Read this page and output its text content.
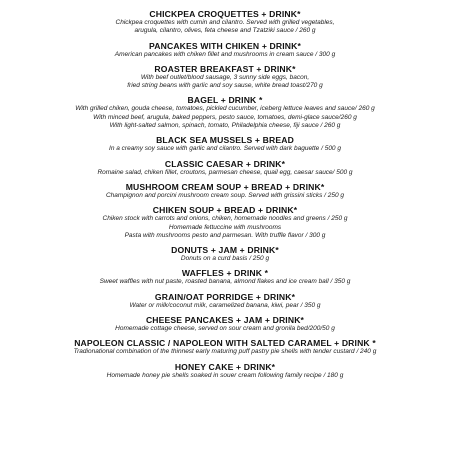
CHICKPEA CROQUETTES + DRINK*
Chickpea croquettes with cumin and cilantro. Served with grilled vegetables,
arugula, cilantro, olives, feta cheese and Tzatziki sauce / 260 g
PANCAKES WITH CHIKEN + DRINK*
American pancakes with chiken fillet and mushrooms in cream sauce / 300 g
ROASTER BREAKFAST + DRINK*
With beef outlet/blood sausage, 3 sunny side eggs, bacon,
fried string beans with garlic and soy sause, white bread toast/270 g
BAGEL + DRINK *
With grilled chiken, gouda cheese, tomatoes, pickled cucumber, iceberg lettuce leaves and sauce/ 260 g
With minced beef, arugula, baked peppers, pesto sauce, tomatoes, demi-glace sauce/260 g
With light-salted salmon, spinach, tomato, Philadelphia cheese, fiji sauce / 260 g
BLACK SEA MUSSELS + BREAD
In a creamy soy sauce with garlic and cilantro. Served with dark baguette / 500 g
CLASSIC CAESAR + DRINK*
Romaine salad, chiken fillet, croutons, parmesan cheese, quail egg, caesar sauce/ 500 g
MUSHROOM CREAM SOUP + BREAD + DRINK*
Champignon and porcini mushroom cream soup. Served with grissini sticks / 250 g
CHIKEN SOUP + BREAD + DRINK*
Chiken stock with carrots and onions, chiken, homemade noodles and greens / 250 g
Homemade fettuccine with mushrooms
Pasta with mushrooms pesto and parmesan. With truffle flavor / 300 g
DONUTS + JAM + DRINK*
Donuts on a curd basis / 250 g
WAFFLES + DRINK *
Sweet waffles with nut paste, roasted banana, almond flakes and ice cream ball / 350 g
GRAIN/OAT PORRIDGE + DRINK*
Water or milk/coconut milk, caramelized banana, kiwi, pear / 350 g
CHEESE PANCAKES + JAM + DRINK*
Homemade cottage cheese, served on sour cream and gronila bed/200/50 g
NAPOLEON CLASSIC / NAPOLEON WITH SALTED CARAMEL + DRINK *
Tradionational combination of the thinnest early maturing puff pastry pie shells with tender custard / 240 g
HONEY CAKE + DRINK*
Homemade honey pie shells soaked in souer cream following family recipe / 180 g
